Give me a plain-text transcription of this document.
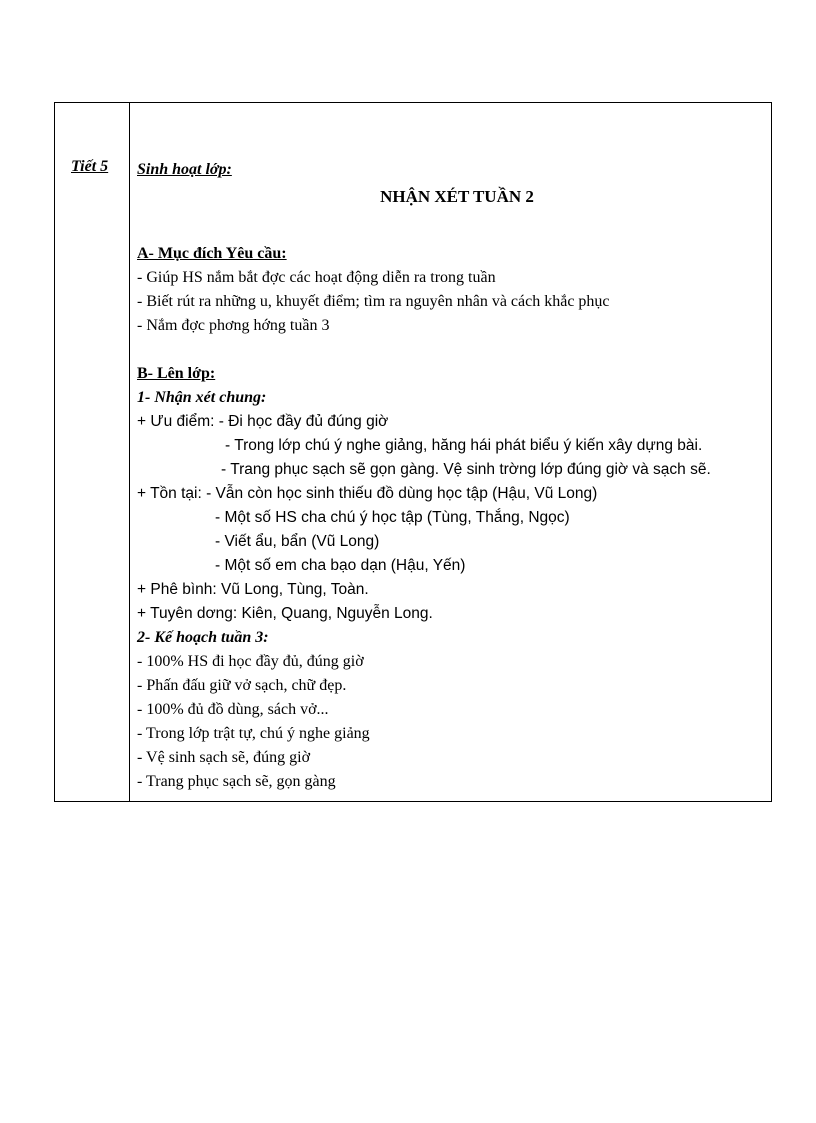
Tiết 5 Sinh hoạt lớp:
NHẬN XÉT TUẦN 2
A- Mục đích Yêu cầu:
- Giúp HS nắm bắt đợc các hoạt động diễn ra trong tuần
- Biết rút ra những u, khuyết điểm; tìm ra nguyên nhân và cách khắc phục
- Nắm đợc phơng hớng tuần 3
B- Lên lớp:
1- Nhận xét chung:
+ Ưu điểm: - Đi học đầy đủ đúng giờ
- Trong lớp chú ý nghe giảng, hăng hái phát biểu ý kiến xây dựng bài.
- Trang phục sạch sẽ gọn gàng. Vệ sinh trờng lớp đúng giờ và sạch sẽ.
+ Tồn tại: - Vẫn còn học sinh thiếu đồ dùng học tập (Hậu, Vũ Long)
- Một số HS cha chú ý học tập (Tùng, Thắng, Ngọc)
- Viết ẩu, bẩn (Vũ Long)
- Một số em cha bạo dạn (Hậu, Yến)
+ Phê bình: Vũ Long, Tùng, Toàn.
+ Tuyên dơng: Kiên, Quang, Nguyễn Long.
2- Kế hoạch tuần 3:
- 100% HS đi học đầy đủ, đúng giờ
- Phấn đấu giữ vở sạch, chữ đẹp.
- 100% đủ đồ dùng, sách vở...
- Trong lớp trật tự, chú ý nghe giảng
- Vệ sinh sạch sẽ, đúng giờ
- Trang phục sạch sẽ, gọn gàng
